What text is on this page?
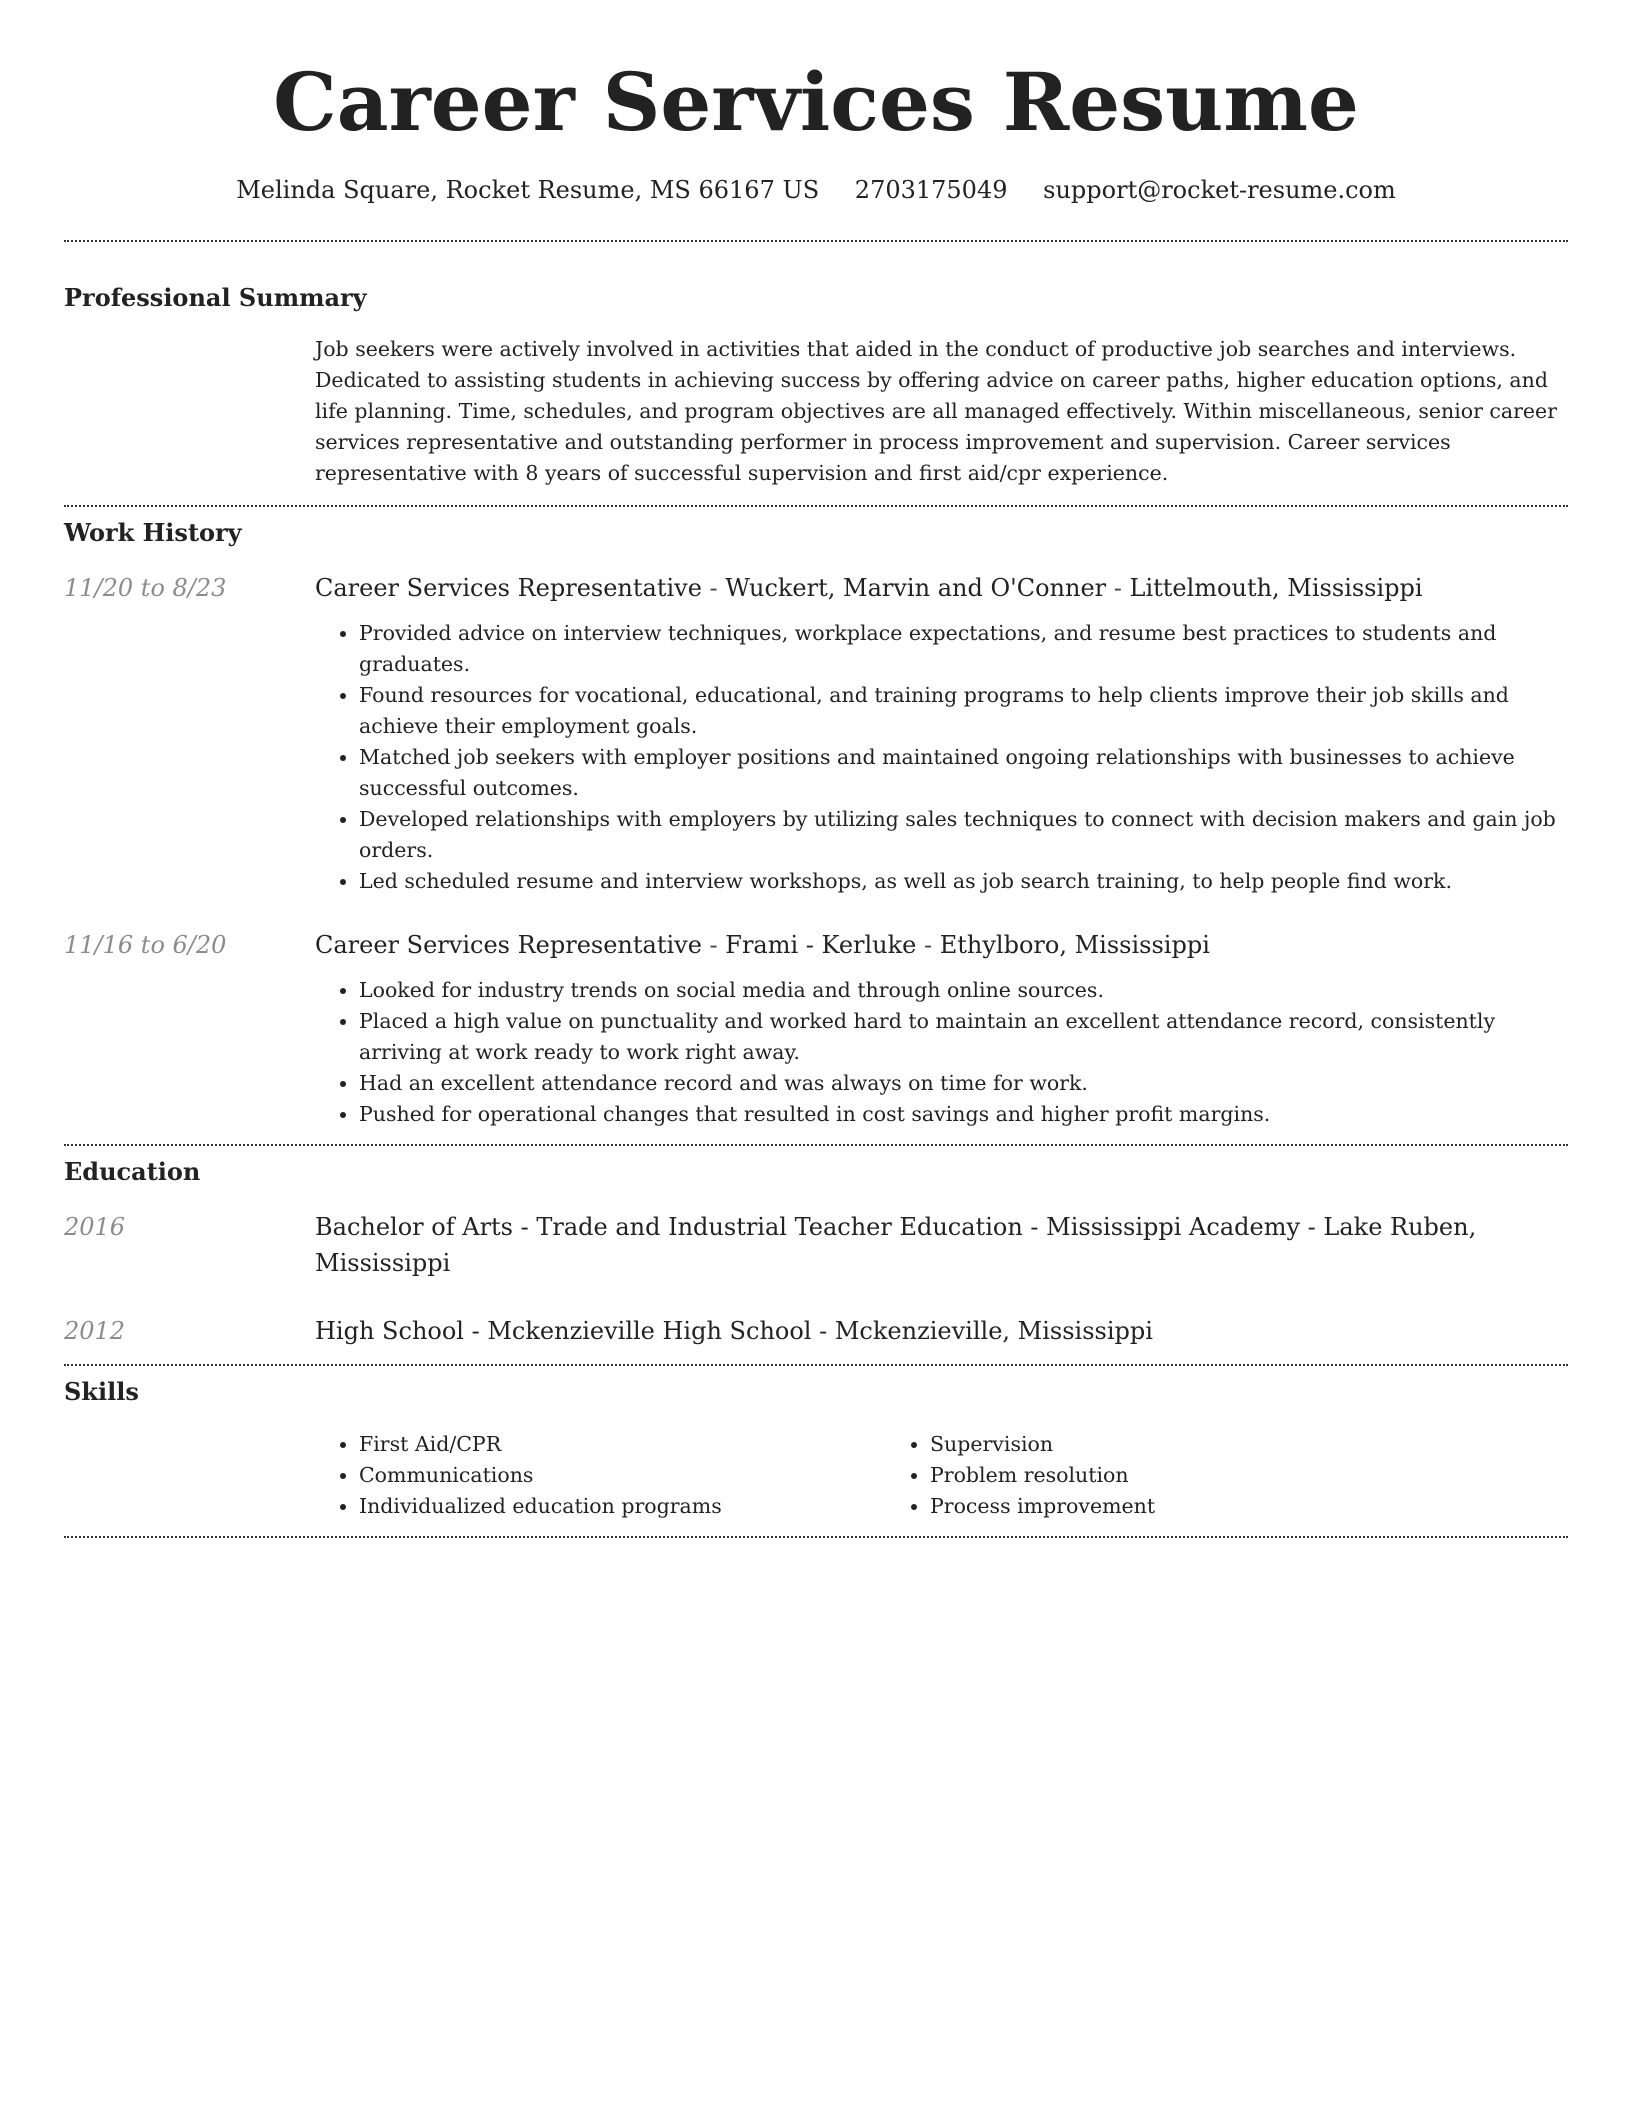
Career Services Resume
Melinda Square, Rocket Resume, MS 66167 US 2703175049 support@rocket-resume.com
Professional Summary

Job seekers were actively involved in activities that aided in the conduct of productive job searches and interviews. Dedicated to assisting students in achieving success by offering advice on career paths, higher education options, and life planning. Time, schedules, and program objectives are all managed effectively. Within miscellaneous, senior career services representative and outstanding performer in process improvement and supervision. Career services representative with 8 years of successful supervision and first aid/cpr experience.

Work History
11/20 to 8/23	Career Services Representative - Wuckert, Marvin and O'Conner - Littelmouth, Mississippi

• Provided advice on interview techniques, workplace expectations, and resume best practices to students and graduates.
• Found resources for vocational, educational, and training programs to help clients improve their job skills and achieve their employment goals.
• Matched job seekers with employer positions and maintained ongoing relationships with businesses to achieve successful outcomes.
• Developed relationships with employers by utilizing sales techniques to connect with decision makers and gain job orders.
• Led scheduled resume and interview workshops, as well as job search training, to help people find work.
11/16 to 6/20	Career Services Representative - Frami - Kerluke - Ethylboro, Mississippi

• Looked for industry trends on social media and through online sources.
• Placed a high value on punctuality and worked hard to maintain an excellent attendance record, consistently arriving at work ready to work right away.
• Had an excellent attendance record and was always on time for work.
• Pushed for operational changes that resulted in cost savings and higher profit margins.
Education
2016	Bachelor of Arts - Trade and Industrial Teacher Education - Mississippi Academy - Lake Ruben, Mississippi

2012	High School - Mckenzieville High School - Mckenzieville, Mississippi

Skills
• First Aid/CPR
• Communications
• Individualized education programs
• Supervision
• Problem resolution
• Process improvement
